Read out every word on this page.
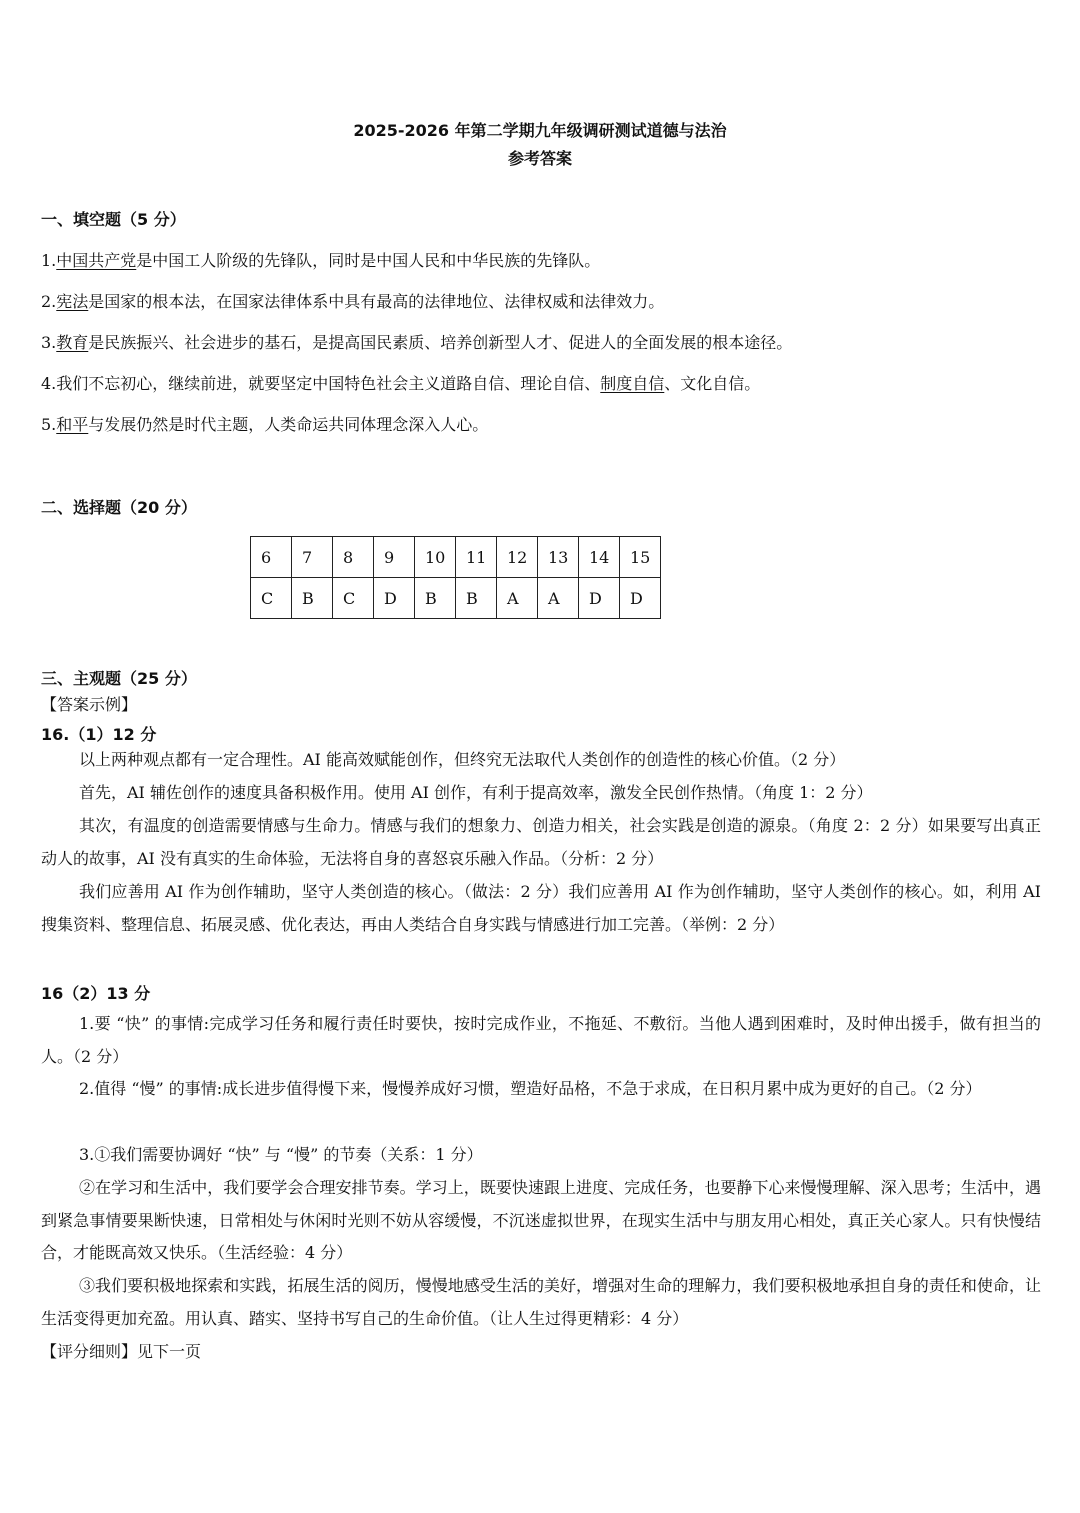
2025-2026 年第二学期九年级调研测试道德与法治
参考答案
一、填空题（5 分）
1.中国共产党是中国工人阶级的先锋队，同时是中国人民和中华民族的先锋队。
2.宪法是国家的根本法，在国家法律体系中具有最高的法律地位、法律权威和法律效力。
3.教育是民族振兴、社会进步的基石，是提高国民素质、培养创新型人才、促进人的全面发展的根本途径。
4.我们不忘初心，继续前进，就要坚定中国特色社会主义道路自信、理论自信、制度自信、文化自信。
5.和平与发展仍然是时代主题，人类命运共同体理念深入人心。
二、选择题（20 分）
6	7	8	9	10	11	12	13	14	15
C	B	C	D	B	B	A	A	D	D
三、主观题（25 分）
【答案示例】
16.（1）12 分
以上两种观点都有一定合理性。AI 能高效赋能创作，但终究无法取代人类创作的创造性的核心价值。（2 分）
首先，AI 辅佐创作的速度具备积极作用。使用 AI 创作，有利于提高效率，激发全民创作热情。（角度 1：2 分）
其次，有温度的创造需要情感与生命力。情感与我们的想象力、创造力相关，社会实践是创造的源泉。（角度 2：2 分）如果要写出真正动人的故事，AI 没有真实的生命体验，无法将自身的喜怒哀乐融入作品。（分析：2 分）
我们应善用 AI 作为创作辅助，坚守人类创造的核心。（做法：2 分）我们应善用 AI 作为创作辅助，坚守人类创作的核心。如，利用 AI 搜集资料、整理信息、拓展灵感、优化表达，再由人类结合自身实践与情感进行加工完善。（举例：2 分）
16（2）13 分
1.要 “快” 的事情:完成学习任务和履行责任时要快，按时完成作业，不拖延、不敷衍。当他人遇到困难时，及时伸出援手，做有担当的人。（2 分）
2.值得 “慢” 的事情:成长进步值得慢下来，慢慢养成好习惯，塑造好品格，不急于求成，在日积月累中成为更好的自己。（2 分）
3.①我们需要协调好 “快” 与 “慢” 的节奏（关系：1 分）
②在学习和生活中，我们要学会合理安排节奏。学习上，既要快速跟上进度、完成任务，也要静下心来慢慢理解、深入思考；生活中，遇到紧急事情要果断快速，日常相处与休闲时光则不妨从容缓慢，不沉迷虚拟世界，在现实生活中与朋友用心相处，真正关心家人。只有快慢结合，才能既高效又快乐。（生活经验：4 分）
③我们要积极地探索和实践，拓展生活的阅历，慢慢地感受生活的美好，增强对生命的理解力，我们要积极地承担自身的责任和使命，让生活变得更加充盈。用认真、踏实、坚持书写自己的生命价值。（让人生过得更精彩：4 分）
【评分细则】见下一页
